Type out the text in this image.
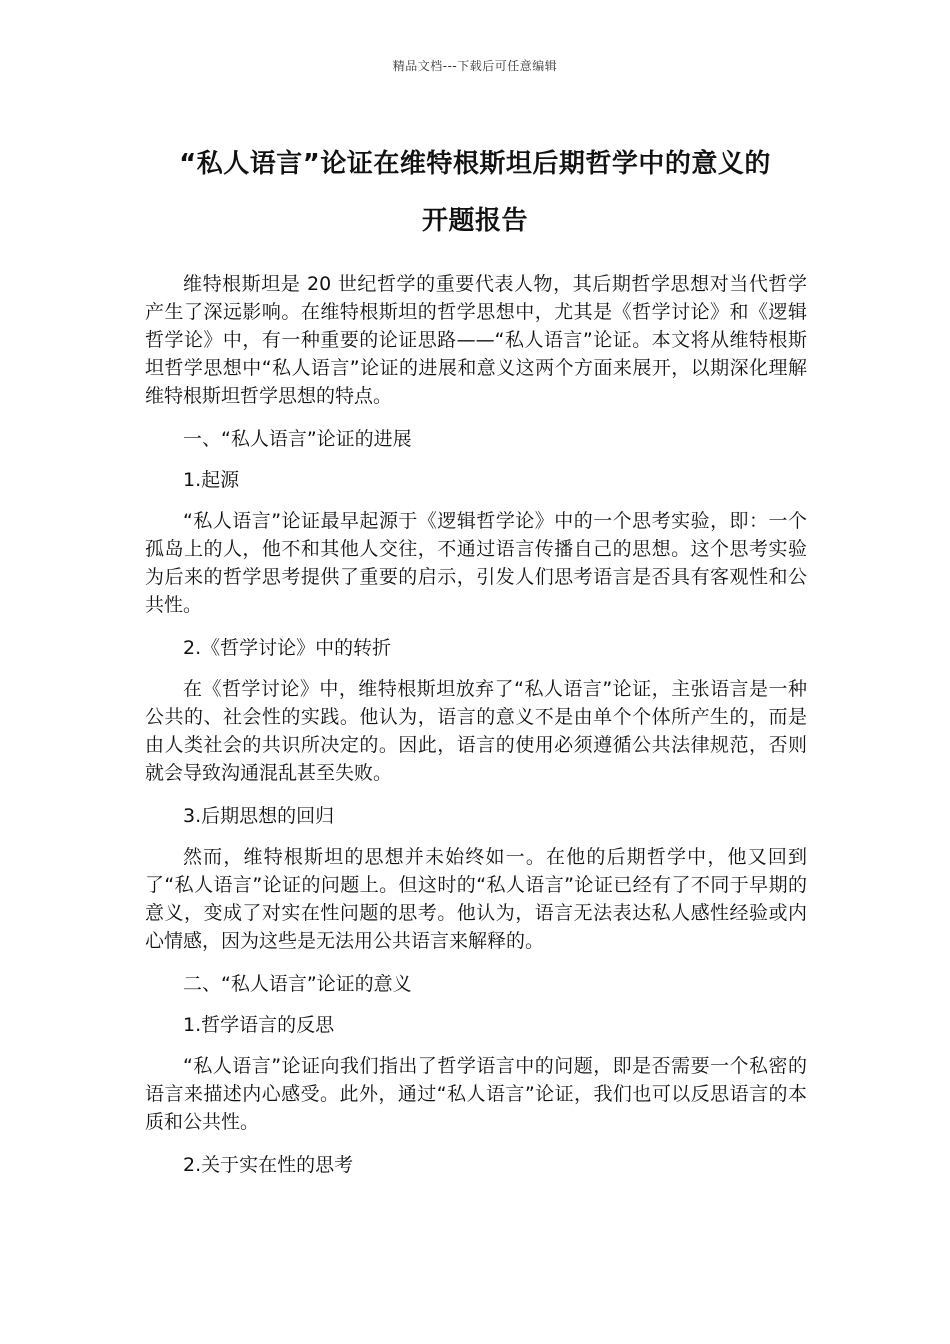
精品文档---下载后可任意编辑
“私人语言”论证在维特根斯坦后期哲学中的意义的
开题报告

维特根斯坦是 20 世纪哲学的重要代表人物，其后期哲学思想对当代哲学产生了深远影响。在维特根斯坦的哲学思想中，尤其是《哲学讨论》和《逻辑哲学论》中，有一种重要的论证思路——“私人语言”论证。本文将从维特根斯坦哲学思想中“私人语言”论证的进展和意义这两个方面来展开，以期深化理解维特根斯坦哲学思想的特点。

一、“私人语言”论证的进展

1.起源

“私人语言”论证最早起源于《逻辑哲学论》中的一个思考实验，即：一个孤岛上的人，他不和其他人交往，不通过语言传播自己的思想。这个思考实验为后来的哲学思考提供了重要的启示，引发人们思考语言是否具有客观性和公共性。

2.《哲学讨论》中的转折

在《哲学讨论》中，维特根斯坦放弃了“私人语言”论证，主张语言是一种公共的、社会性的实践。他认为，语言的意义不是由单个个体所产生的，而是由人类社会的共识所决定的。因此，语言的使用必须遵循公共法律规范，否则就会导致沟通混乱甚至失败。

3.后期思想的回归

然而，维特根斯坦的思想并未始终如一。在他的后期哲学中，他又回到了“私人语言”论证的问题上。但这时的“私人语言”论证已经有了不同于早期的意义，变成了对实在性问题的思考。他认为，语言无法表达私人感性经验或内心情感，因为这些是无法用公共语言来解释的。

二、“私人语言”论证的意义

1.哲学语言的反思

“私人语言”论证向我们指出了哲学语言中的问题，即是否需要一个私密的语言来描述内心感受。此外，通过“私人语言”论证，我们也可以反思语言的本质和公共性。

2.关于实在性的思考
